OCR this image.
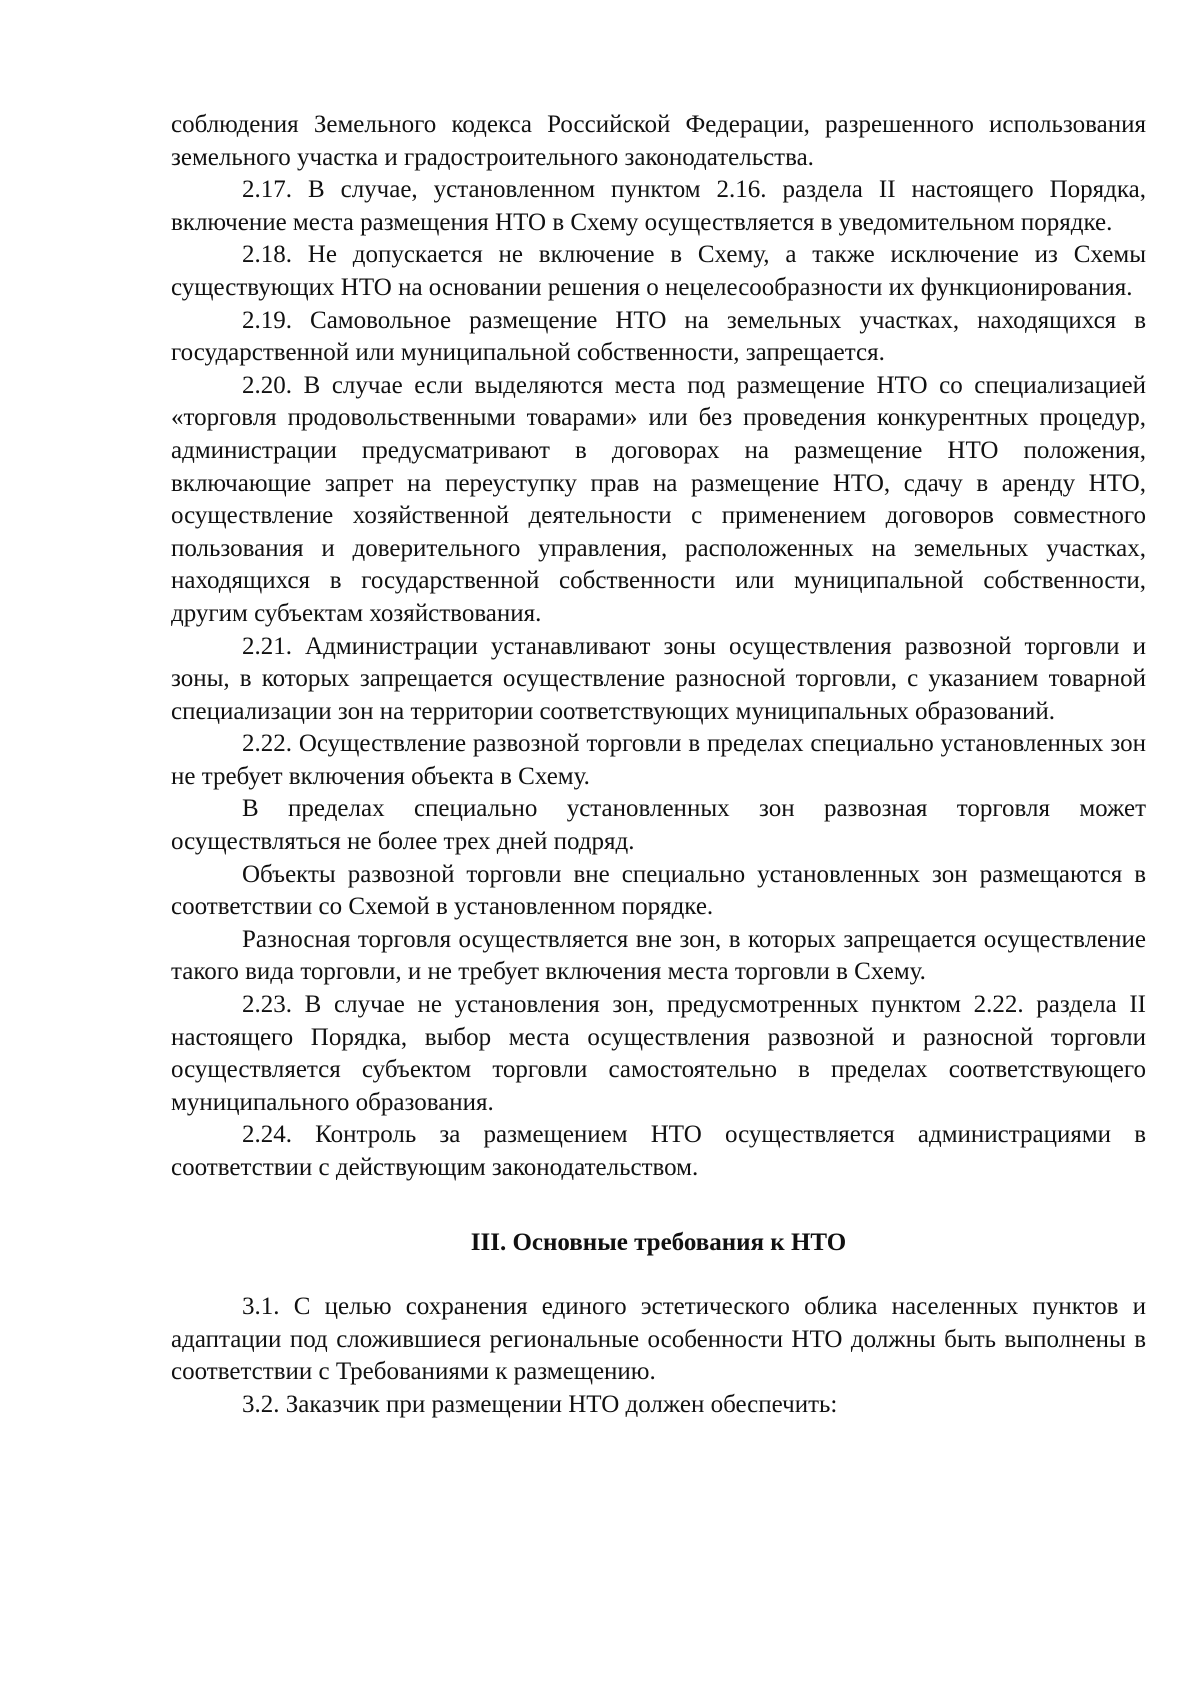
соблюдения Земельного кодекса Российской Федерации, разрешенного использования земельного участка и градостроительного законодательства.

2.17. В случае, установленном пунктом 2.16. раздела II настоящего Порядка, включение места размещения НТО в Схему осуществляется в уведомительном порядке.

2.18. Не допускается не включение в Схему, а также исключение из Схемы существующих НТО на основании решения о нецелесообразности их функционирования.

2.19. Самовольное размещение НТО на земельных участках, находящихся в государственной или муниципальной собственности, запрещается.

2.20. В случае если выделяются места под размещение НТО со специализацией «торговля продовольственными товарами» или без проведения конкурентных процедур, администрации предусматривают в договорах на размещение НТО положения, включающие запрет на переуступку прав на размещение НТО, сдачу в аренду НТО, осуществление хозяйственной деятельности с применением договоров совместного пользования и доверительного управления, расположенных на земельных участках, находящихся в государственной собственности или муниципальной собственности, другим субъектам хозяйствования.

2.21. Администрации устанавливают зоны осуществления развозной торговли и зоны, в которых запрещается осуществление разносной торговли, с указанием товарной специализации зон на территории соответствующих муниципальных образований.

2.22. Осуществление развозной торговли в пределах специально установленных зон не требует включения объекта в Схему.

В пределах специально установленных зон развозная торговля может осуществляться не более трех дней подряд.

Объекты развозной торговли вне специально установленных зон размещаются в соответствии со Схемой в установленном порядке.

Разносная торговля осуществляется вне зон, в которых запрещается осуществление такого вида торговли, и не требует включения места торговли в Схему.

2.23. В случае не установления зон, предусмотренных пунктом 2.22. раздела II настоящего Порядка, выбор места осуществления развозной и разносной торговли осуществляется субъектом торговли самостоятельно в пределах соответствующего муниципального образования.

2.24. Контроль за размещением НТО осуществляется администрациями в соответствии с действующим законодательством.

III. Основные требования к НТО

3.1. С целью сохранения единого эстетического облика населенных пунктов и адаптации под сложившиеся региональные особенности НТО должны быть выполнены в соответствии с Требованиями к размещению.

3.2. Заказчик при размещении НТО должен обеспечить:
